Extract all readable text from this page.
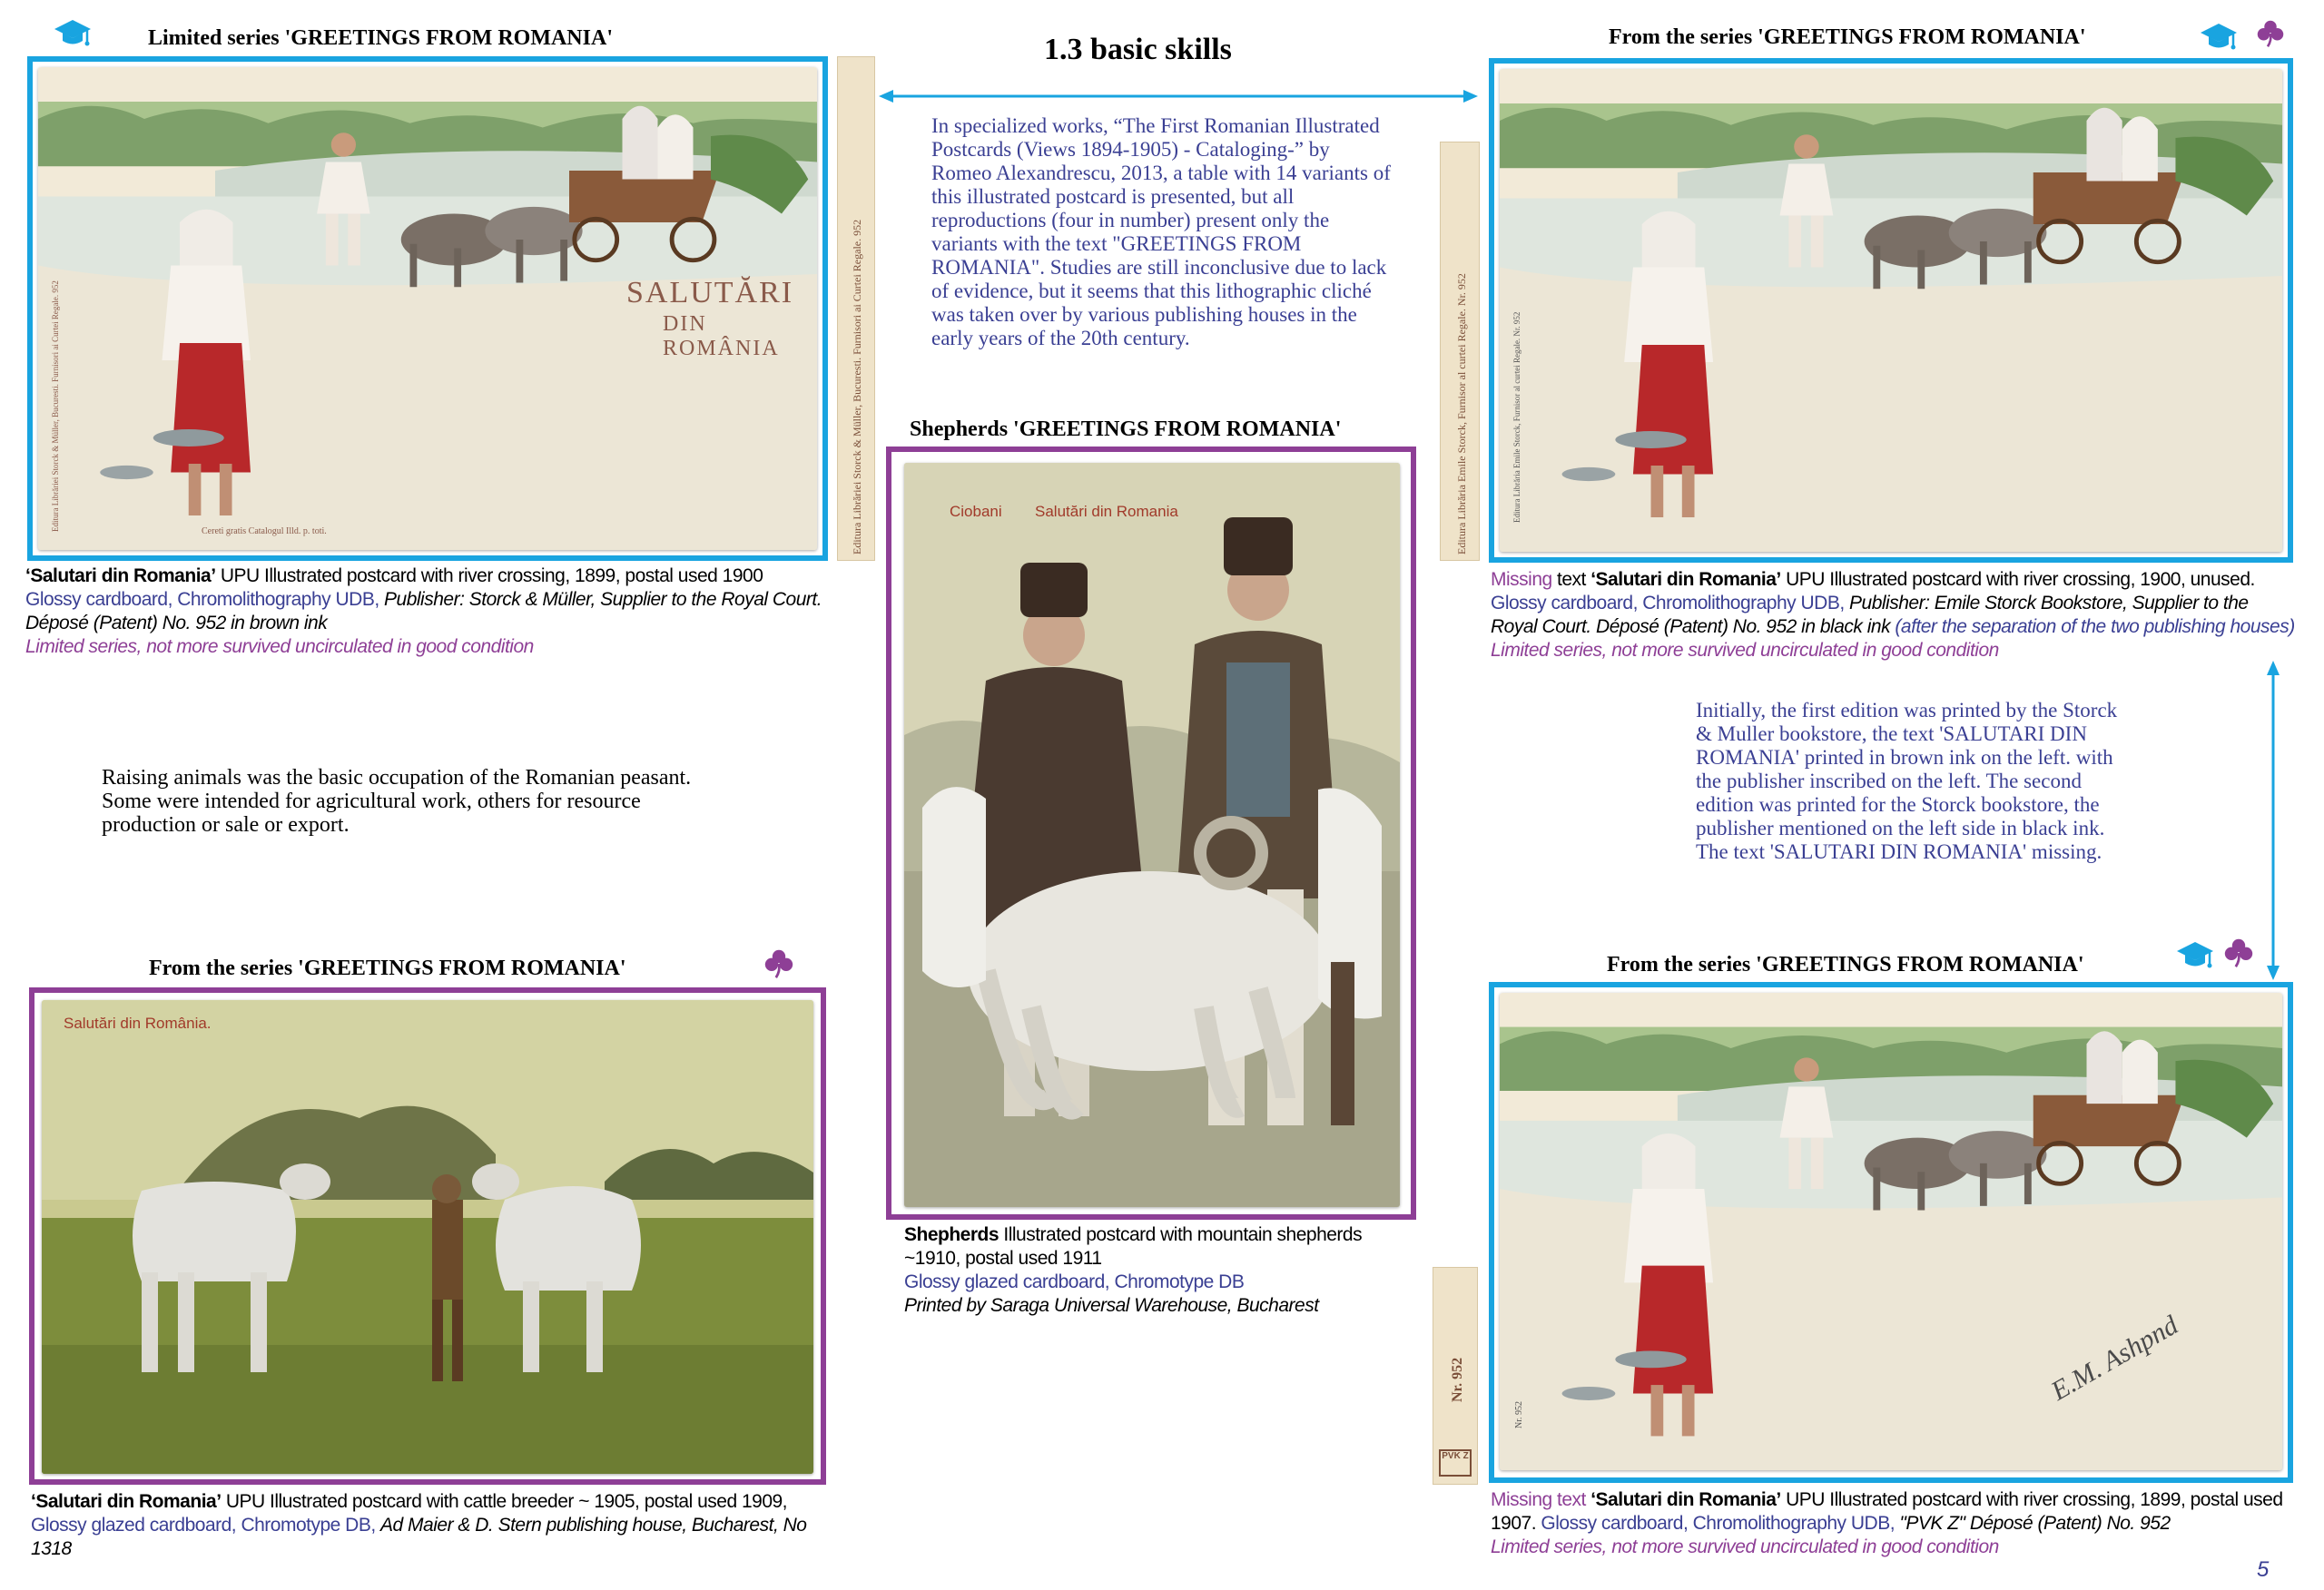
1.3 basic skills
5
In specialized works, “The First Romanian Illustrated Postcards (Views 1894-1905) - Cataloging-” by Romeo Alexandrescu, 2013, a table with 14 variants of this illustrated postcard is presented, but all reproductions (four in number) present only the variants with the text "GREETINGS FROM ROMANIA". Studies are still inconclusive due to lack of evidence, but it seems that this lithographic cliché was taken over by various publishing houses in the early years of the 20th century.
Raising animals was the basic occupation of the Romanian peasant. Some were intended for agricultural work, others for resource production or sale or export.
Initially, the first edition was printed by the Storck & Muller bookstore, the text 'SALUTARI DIN ROMANIA' printed in brown ink on the left. with the publisher inscribed on the left. The second edition was printed for the Storck bookstore, the publisher mentioned on the left side in black ink. The text 'SALUTARI DIN ROMANIA' missing.
Limited series 'GREETINGS FROM ROMANIA'
SALUTĂRI
DIN ROMÂNIA
Cereti gratis Catalogul Illd. p. toti.
Editura Librăriei Storck & Müller, Bucuresti. Furnisori ai Curtei Regale. 952	Editura Librăriei Storck & Müller, Bucuresti. Furnisori ai Curtei Regale. 952
‘Salutari din Romania’ UPU Illustrated postcard with river crossing, 1899, postal used 1900
Glossy cardboard, Chromolithography UDB, Publisher: Storck & Müller, Supplier to the Royal Court. Déposé (Patent) No. 952 in brown ink
Limited series, not more survived uncirculated in good condition
Shepherds 'GREETINGS FROM ROMANIA'
Ciobani Salutări din Romania
Shepherds Illustrated postcard with mountain shepherds ~1910, postal used 1911
Glossy glazed cardboard, Chromotype DB
Printed by Saraga Universal Warehouse, Bucharest
From the series 'GREETINGS FROM ROMANIA'
Editura Librăria Emile Storck, Furnisor al curtei Regale. Nr. 952	Editura Librăria Emile Storck, Furnisor al curtei Regale. Nr. 952
Missing text ‘Salutari din Romania’ UPU Illustrated postcard with river crossing, 1900, unused.
Glossy cardboard, Chromolithography UDB, Publisher: Emile Storck Bookstore, Supplier to the Royal Court. Déposé (Patent) No. 952 in black ink (after the separation of the two publishing houses) Limited series, not more survived uncirculated in good condition
From the series 'GREETINGS FROM ROMANIA'
Salutări din România.
‘Salutari din Romania’ UPU Illustrated postcard with cattle breeder ~ 1905, postal used 1909,
Glossy glazed cardboard, Chromotype DB, Ad Maier & D. Stern publishing house, Bucharest, No 1318
From the series 'GREETINGS FROM ROMANIA'
Nr. 952
PVK Z
E.M. Ashpnd
Nr. 952
Missing text ‘Salutari din Romania’ UPU Illustrated postcard with river crossing, 1899, postal used 1907. Glossy cardboard, Chromolithography UDB, "PVK Z" Déposé (Patent) No. 952
Limited series, not more survived uncirculated in good condition
